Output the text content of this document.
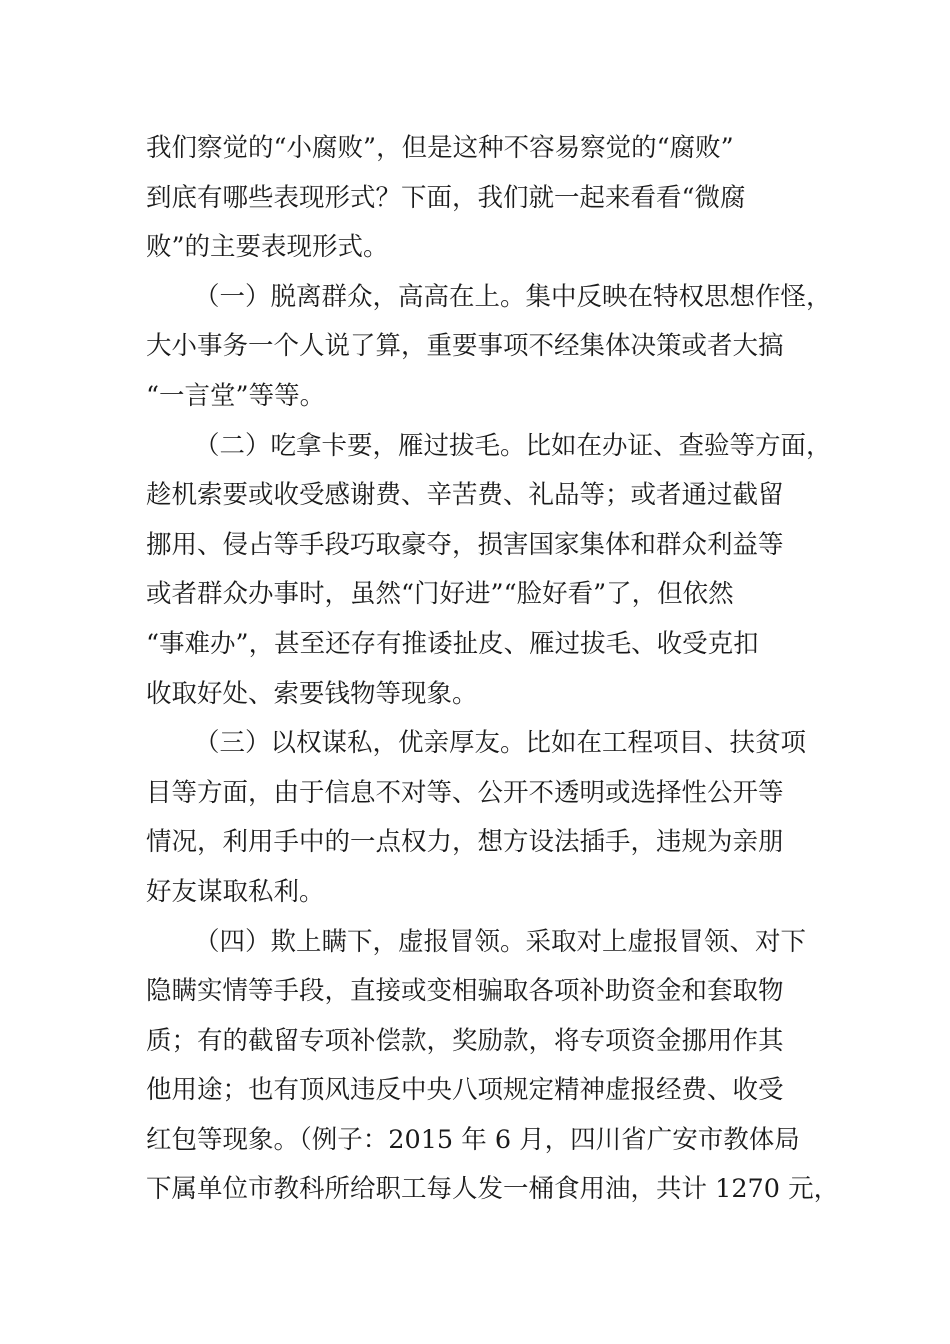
我们察觉的“小腐败”，但是这种不容易察觉的“腐败”
到底有哪些表现形式？下面，我们就一起来看看“微腐
败”的主要表现形式。
（一）脱离群众，高高在上。集中反映在特权思想作怪，
大小事务一个人说了算，重要事项不经集体决策或者大搞
“一言堂”等等。
（二）吃拿卡要，雁过拔毛。比如在办证、查验等方面，
趁机索要或收受感谢费、辛苦费、礼品等；或者通过截留
挪用、侵占等手段巧取豪夺，损害国家集体和群众利益等
或者群众办事时，虽然“门好进”“脸好看”了，但依然
“事难办”，甚至还存有推诿扯皮、雁过拔毛、收受克扣
收取好处、索要钱物等现象。
（三）以权谋私，优亲厚友。比如在工程项目、扶贫项
目等方面，由于信息不对等、公开不透明或选择性公开等
情况，利用手中的一点权力，想方设法插手，违规为亲朋
好友谋取私利。
（四）欺上瞒下，虚报冒领。采取对上虚报冒领、对下
隐瞒实情等手段，直接或变相骗取各项补助资金和套取物
质；有的截留专项补偿款，奖励款，将专项资金挪用作其
他用途；也有顶风违反中央八项规定精神虚报经费、收受
红包等现象。（例子：2015 年 6 月，四川省广安市教体局
下属单位市教科所给职工每人发一桶食用油，共计 1270 元，
